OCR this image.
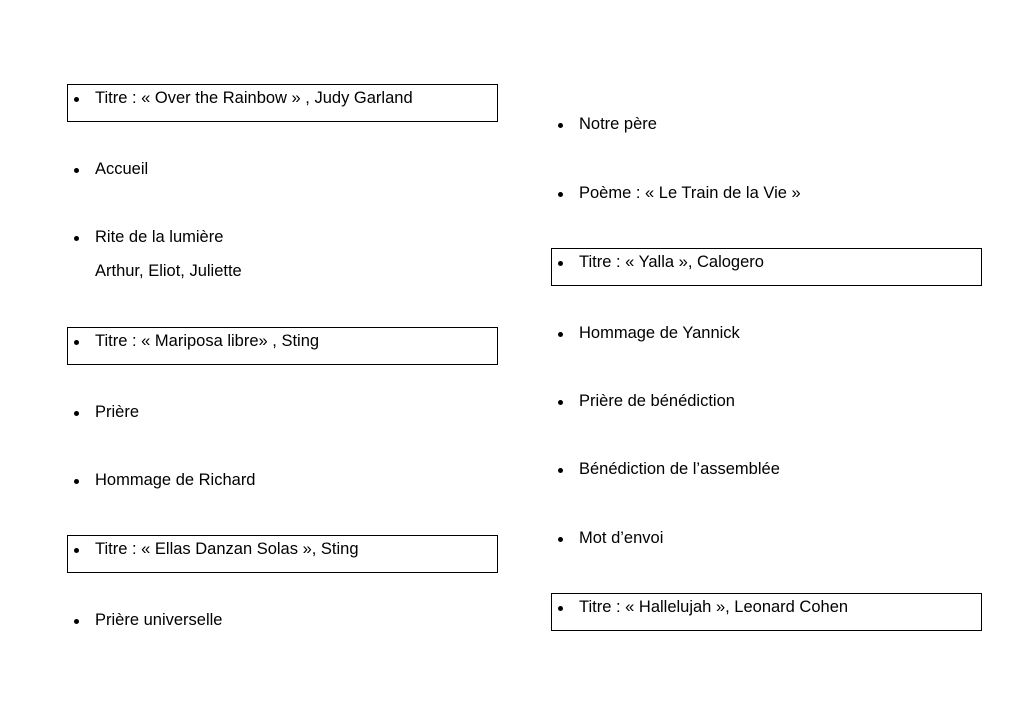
Titre : « Over the Rainbow » , Judy Garland
Accueil
Rite de la lumière
Arthur, Eliot, Juliette
Titre : « Mariposa libre» , Sting
Prière
Hommage de Richard
Titre : « Ellas Danzan Solas », Sting
Prière universelle
Notre père
Poème : « Le Train de la Vie »
Titre : « Yalla », Calogero
Hommage de Yannick
Prière de bénédiction
Bénédiction de l’assemblée
Mot d’envoi
Titre : « Hallelujah », Leonard Cohen
